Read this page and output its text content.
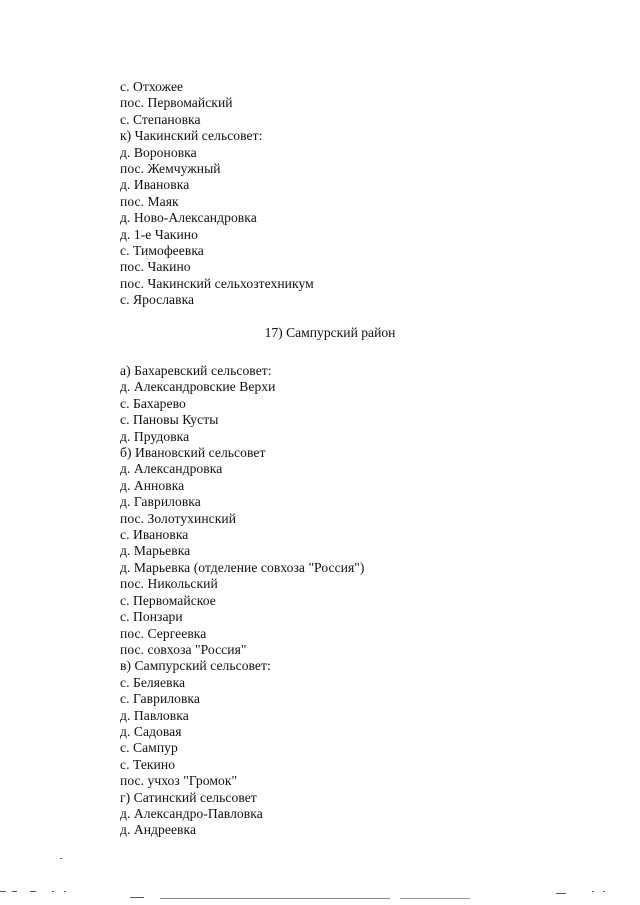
с. Отхожее
пос. Первомайский
с. Степановка
к) Чакинский сельсовет:
д. Вороновка
пос. Жемчужный
д. Ивановка
пос. Маяк
д. Ново-Александровка
д. 1-е Чакино
с. Тимофеевка
пос. Чакино
пос. Чакинский сельхозтехникум
с. Ярославка
17) Сампурский район
а) Бахаревский сельсовет:
д. Александровские Верхи
с. Бахарево
с. Пановы Кусты
д. Прудовка
б) Ивановский сельсовет
д. Александровка
д. Анновка
д. Гавриловка
пос. Золотухинский
с. Ивановка
д. Марьевка
д. Марьевка (отделение совхоза "Россия")
пос. Никольский
с. Первомайское
с. Понзари
пос. Сергеевка
пос. совхоза "Россия"
в) Сампурский сельсовет:
с. Беляевка
с. Гавриловка
д. Павловка
д. Садовая
с. Сампур
с. Текино
пос. учхоз "Громок"
г) Сатинский сельсовет
д. Александро-Павловка
д. Андреевка
